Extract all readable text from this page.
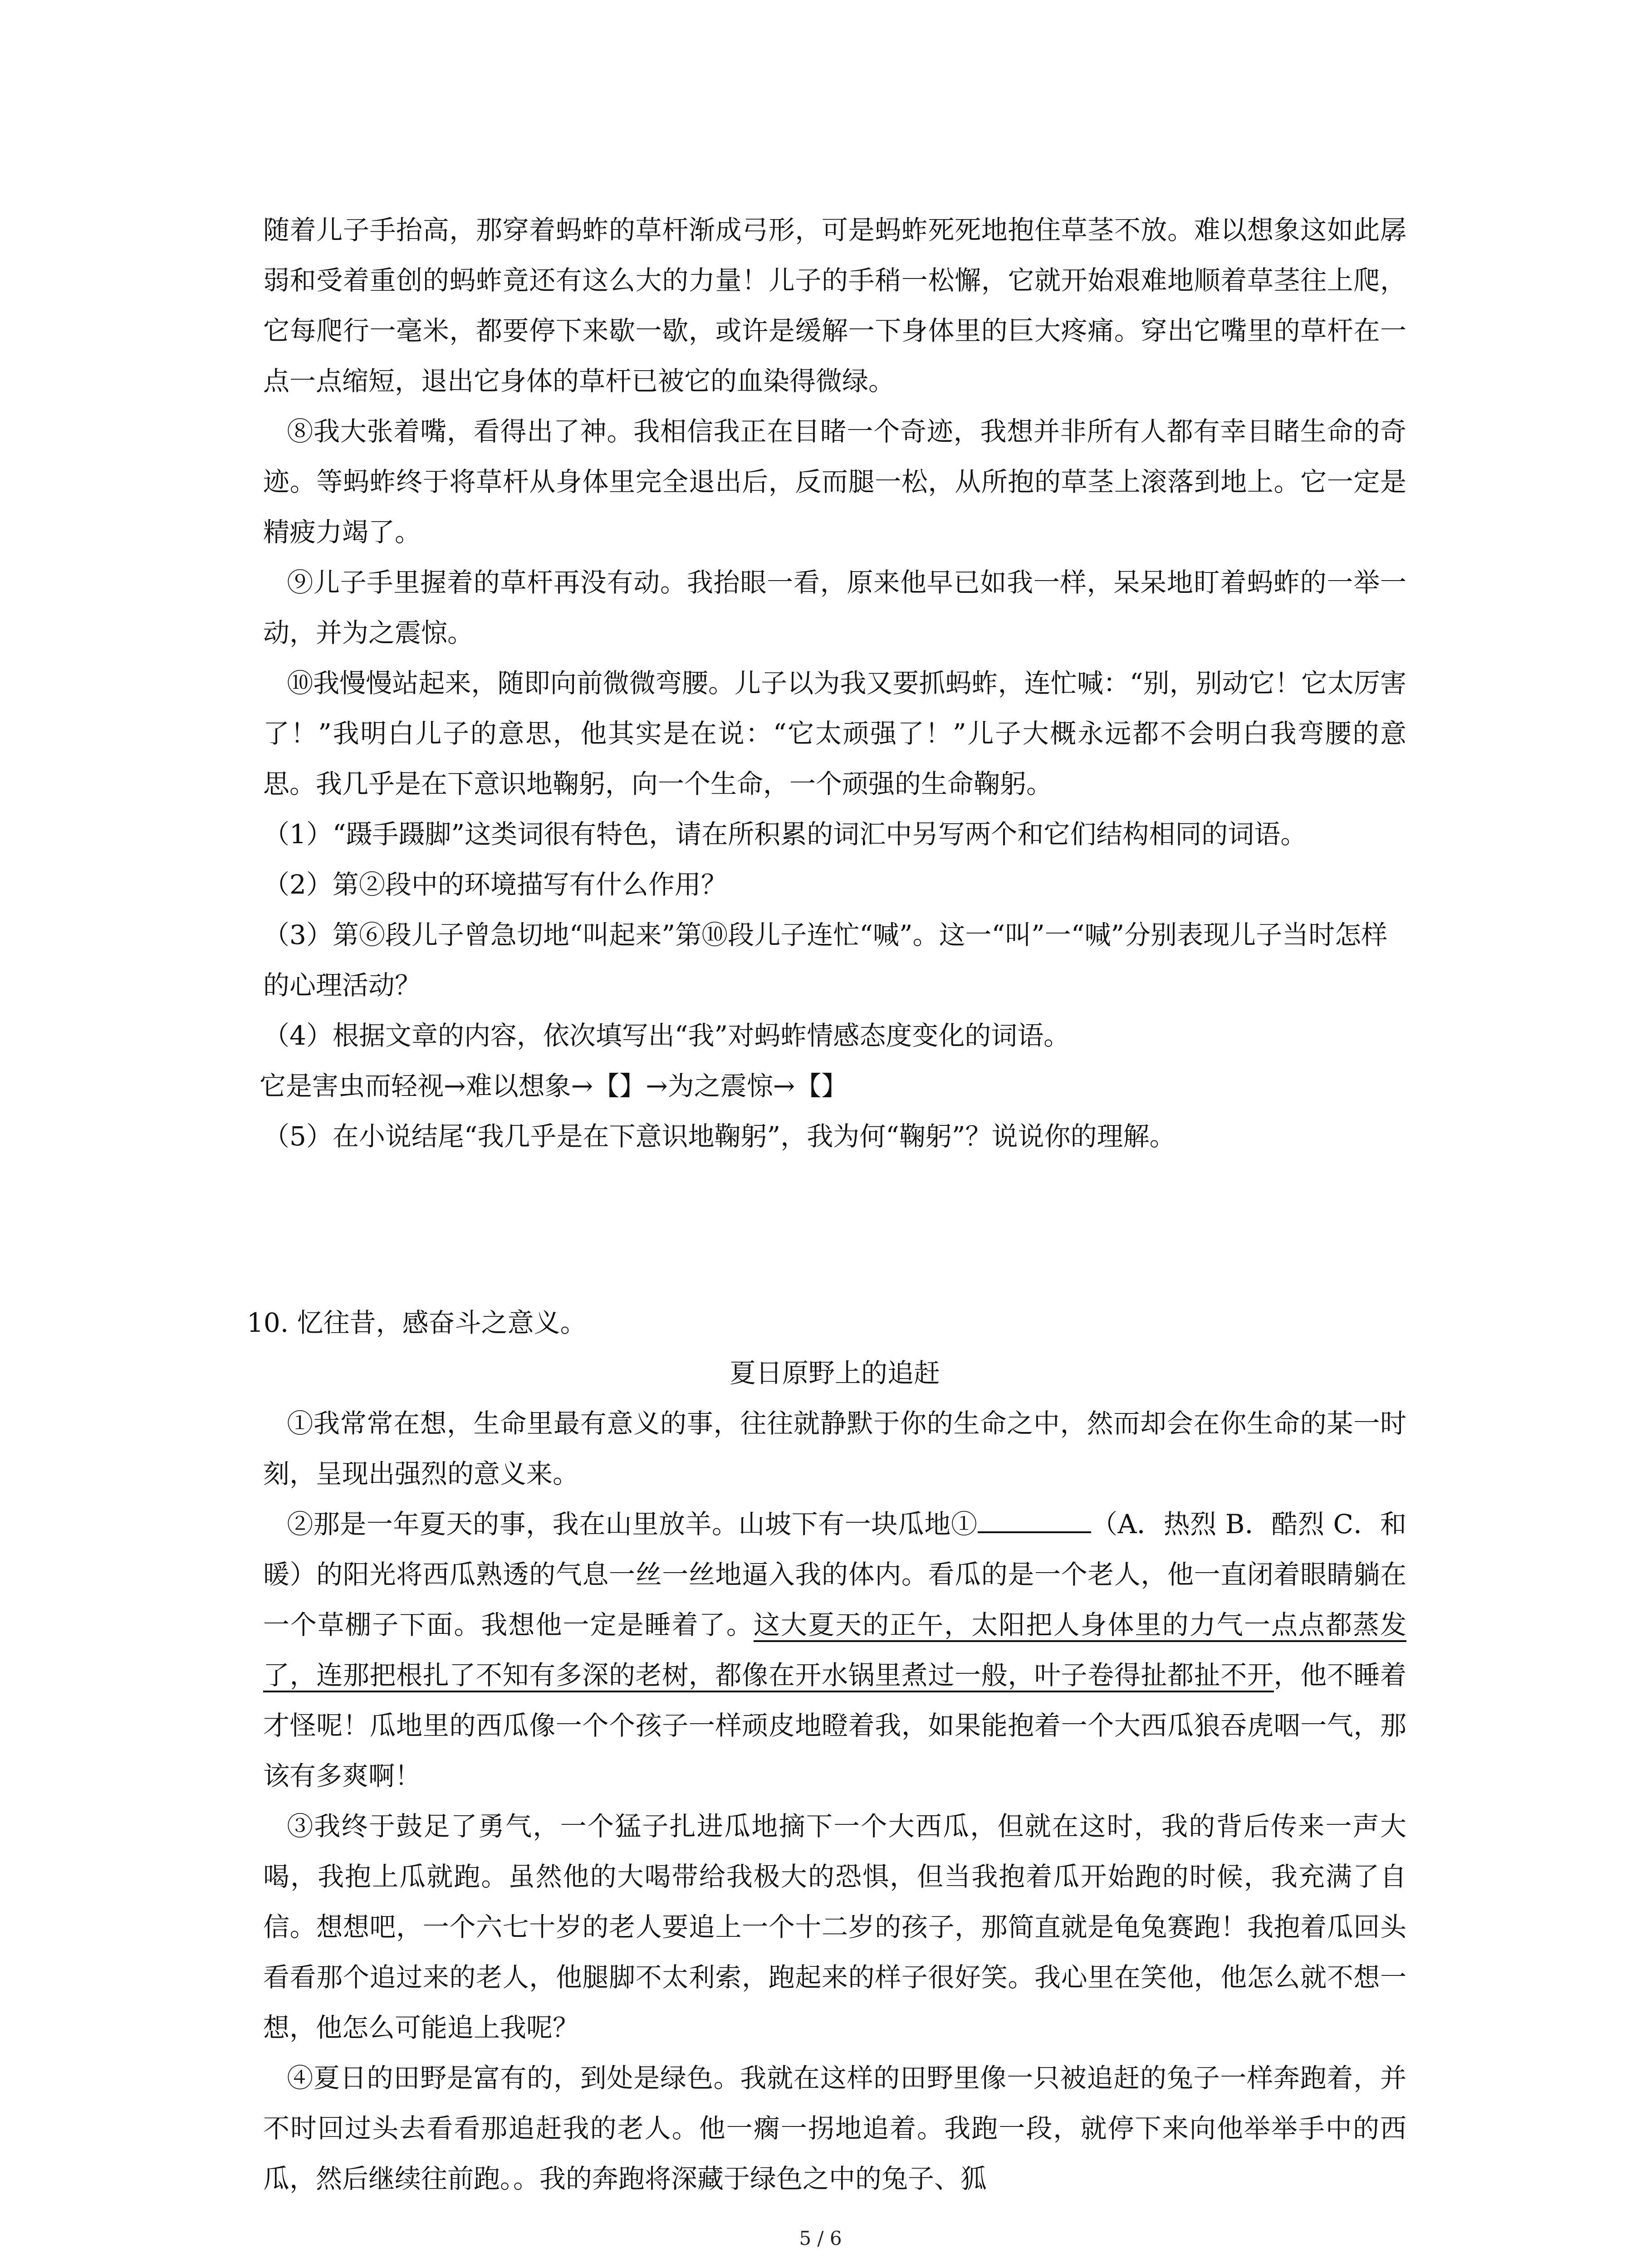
随着儿子手抬高，那穿着蚂蚱的草杆渐成弓形，可是蚂蚱死死地抱住草茎不放。难以想象这如此孱弱和受着重创的蚂蚱竟还有这么大的力量！儿子的手稍一松懈，它就开始艰难地顺着草茎往上爬，它每爬行一毫米，都要停下来歇一歇，或许是缓解一下身体里的巨大疼痛。穿出它嘴里的草杆在一点一点缩短，退出它身体的草杆已被它的血染得微绿。

⑧我大张着嘴，看得出了神。我相信我正在目睹一个奇迹，我想并非所有人都有幸目睹生命的奇迹。等蚂蚱终于将草杆从身体里完全退出后，反而腿一松，从所抱的草茎上滚落到地上。它一定是精疲力竭了。

⑨儿子手里握着的草杆再没有动。我抬眼一看，原来他早已如我一样，呆呆地盯着蚂蚱的一举一动，并为之震惊。

⑩我慢慢站起来，随即向前微微弯腰。儿子以为我又要抓蚂蚱，连忙喊：“别，别动它！它太厉害了！”我明白儿子的意思，他其实是在说：“它太顽强了！”儿子大概永远都不会明白我弯腰的意思。我几乎是在下意识地鞠躬，向一个生命，一个顽强的生命鞠躬。

（1）“蹑手蹑脚”这类词很有特色，请在所积累的词汇中另写两个和它们结构相同的词语。

（2）第②段中的环境描写有什么作用？

（3）第⑥段儿子曾急切地“叫起来”第⑩段儿子连忙“喊”。这一“叫”一“喊”分别表现儿子当时怎样的心理活动？

（4）根据文章的内容，依次填写出“我”对蚂蚱情感态度变化的词语。

它是害虫而轻视→难以想象→【】→为之震惊→【】

（5）在小说结尾“我几乎是在下意识地鞠躬”，我为何“鞠躬”？说说你的理解。

10. 忆往昔，感奋斗之意义。

夏日原野上的追赶

①我常常在想，生命里最有意义的事，往往就静默于你的生命之中，然而却会在你生命的某一时刻，呈现出强烈的意义来。

②那是一年夏天的事，我在山里放羊。山坡下有一块瓜地①	（A．热烈 B．酷烈 C．和暖）的阳光将西瓜熟透的气息一丝一丝地逼入我的体内。看瓜的是一个老人，他一直闭着眼睛躺在一个草棚子下面。我想他一定是睡着了。这大夏天的正午，太阳把人身体里的力气一点点都蒸发了，连那把根扎了不知有多深的老树，都像在开水锅里煮过一般，叶子卷得扯都扯不开，他不睡着才怪呢！瓜地里的西瓜像一个个孩子一样顽皮地瞪着我，如果能抱着一个大西瓜狼吞虎咽一气，那该有多爽啊！

③我终于鼓足了勇气，一个猛子扎进瓜地摘下一个大西瓜，但就在这时，我的背后传来一声大喝，我抱上瓜就跑。虽然他的大喝带给我极大的恐惧，但当我抱着瓜开始跑的时候，我充满了自信。想想吧，一个六七十岁的老人要追上一个十二岁的孩子，那简直就是龟兔赛跑！我抱着瓜回头看看那个追过来的老人，他腿脚不太利索，跑起来的样子很好笑。我心里在笑他，他怎么就不想一想，他怎么可能追上我呢？

④夏日的田野是富有的，到处是绿色。我就在这样的田野里像一只被追赶的兔子一样奔跑着，并不时回过头去看看那追赶我的老人。他一瘸一拐地追着。我跑一段，就停下来向他举举手中的西瓜，然后继续往前跑。。我的奔跑将深藏于绿色之中的兔子、狐

5 / 6
